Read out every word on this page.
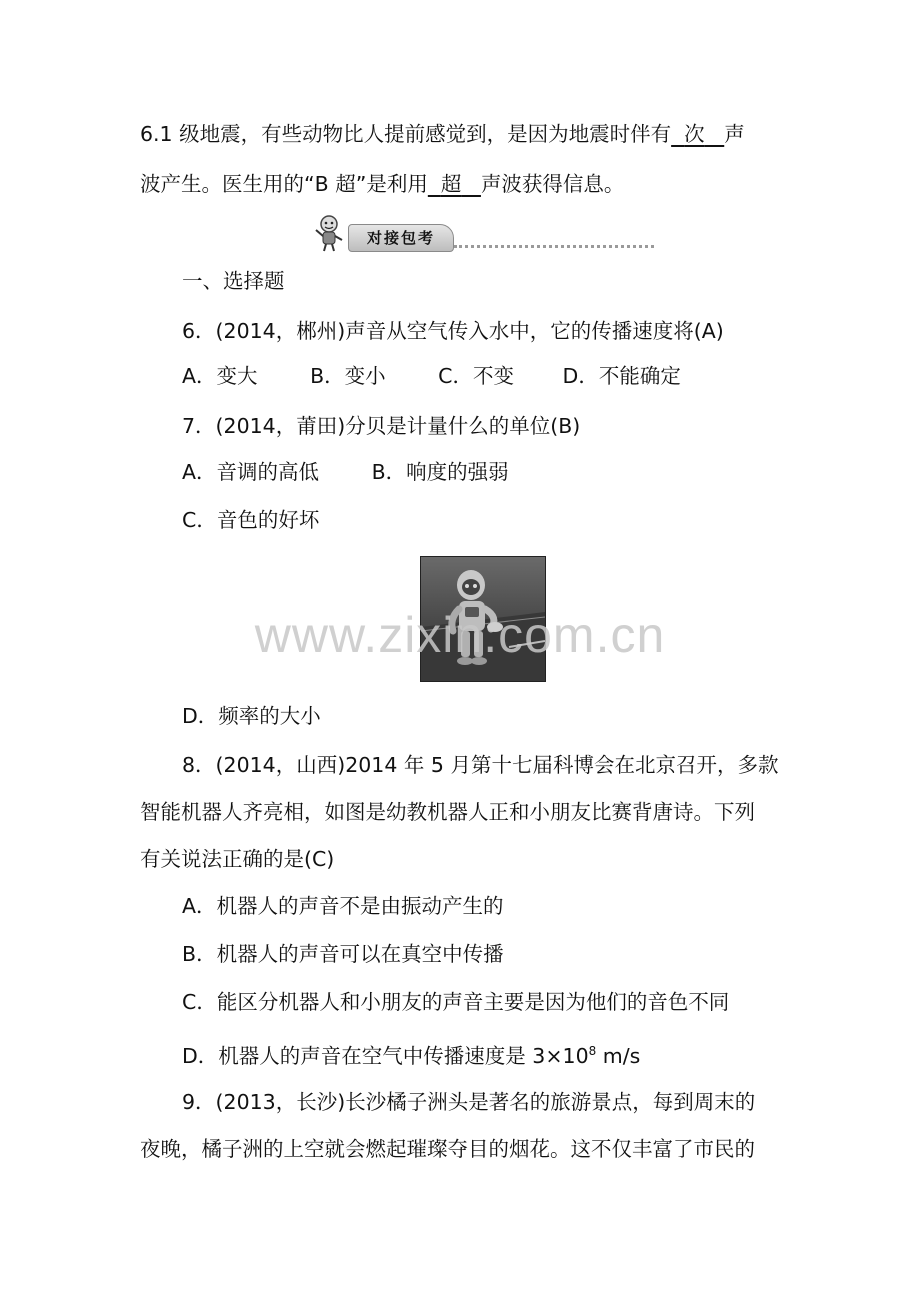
6.1 级地震，有些动物比人提前感觉到，是因为地震时伴有 次 声
波产生。医生用的“B 超”是利用 超 声波获得信息。
对接包考
一、选择题
6．(2014，郴州)声音从空气传入水中，它的传播速度将(A)
A．变大	B．变小	C．不变 D．不能确定
7．(2014，莆田)分贝是计量什么的单位(B)
A．音调的高低	B．响度的强弱
C．音色的好坏
www.zixin.com.cn
D．频率的大小
8．(2014，山西)2014 年 5 月第十七届科博会在北京召开，多款
智能机器人齐亮相，如图是幼教机器人正和小朋友比赛背唐诗。下列
有关说法正确的是(C)
A．机器人的声音不是由振动产生的
B．机器人的声音可以在真空中传播
C．能区分机器人和小朋友的声音主要是因为他们的音色不同
D．机器人的声音在空气中传播速度是 $3\times 10^8$ m/s
9．(2013，长沙)长沙橘子洲头是著名的旅游景点，每到周末的
夜晚，橘子洲的上空就会燃起璀璨夺目的烟花。这不仅丰富了市民的
